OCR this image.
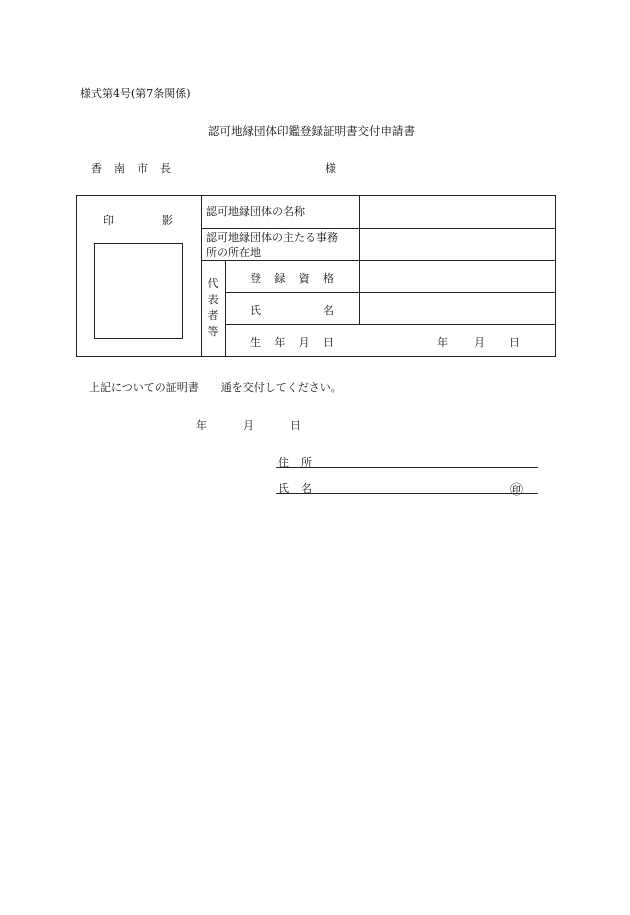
様式第4号(第7条関係)
認可地縁団体印鑑登録証明書交付申請書
香 南 市 長	様
印	影
認可地縁団体の名称
認可地縁団体の主たる事務
所の所在地
代
表
者
等
登 録 資 格
氏	名
生 年 月 日	年 月 日
上記についての証明書　　通を交付してください。
年	月	日
住 所
氏 名	㊞
